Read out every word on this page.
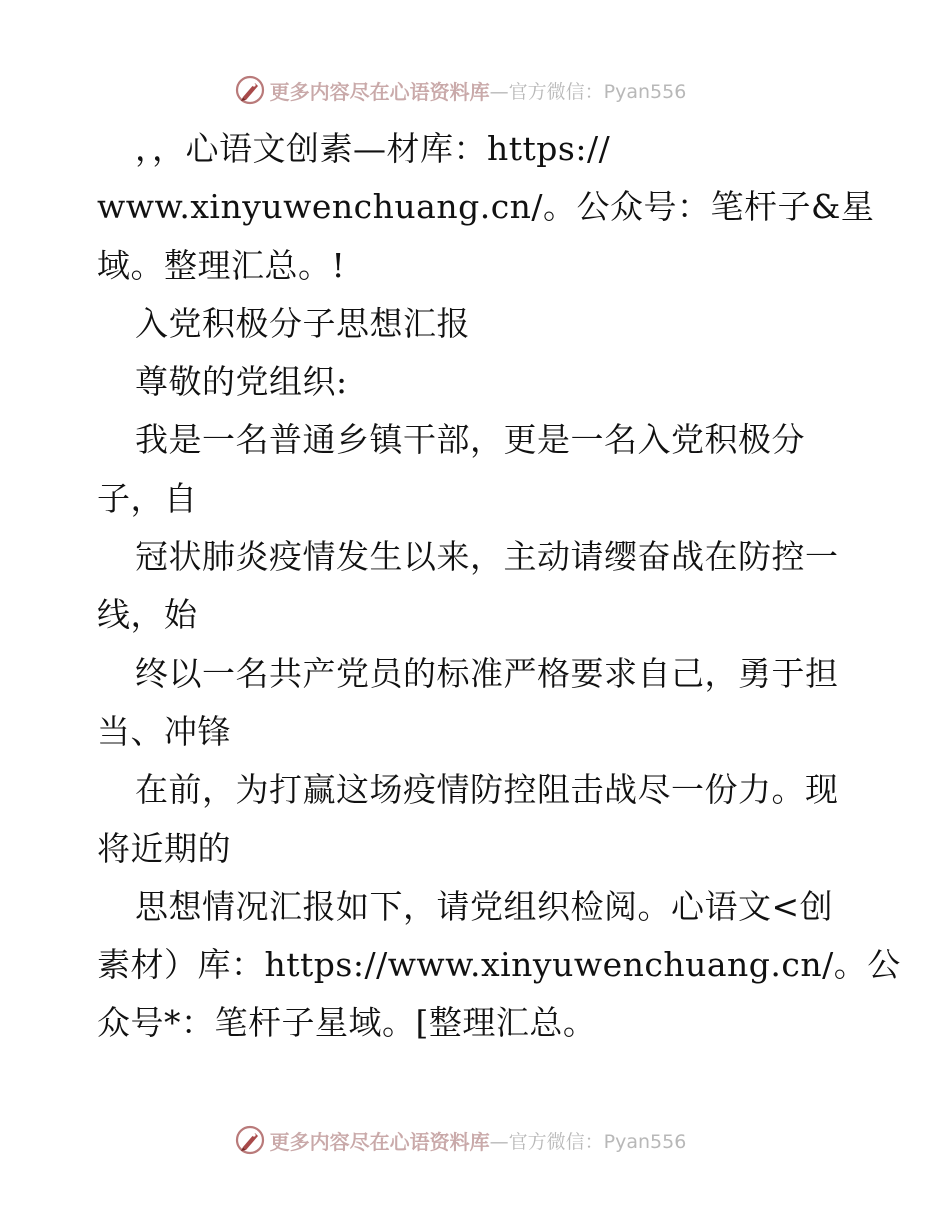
更多内容尽在心语资料库 —官方微信：Pyan556
，，心语文创素—材库：https://
www.xinyuwenchuang.cn/。公众号：笔杆子&星
域。整理汇总。!
入党积极分子思想汇报
尊敬的党组织:
我是一名普通乡镇干部，更是一名入党积极分
子，自
冠状肺炎疫情发生以来，主动请缨奋战在防控一
线，始
终以一名共产党员的标准严格要求自己，勇于担
当、冲锋
在前，为打赢这场疫情防控阻击战尽一份力。现
将近期的
思想情况汇报如下，请党组织检阅。心语文<创
素材）库：https://www.xinyuwenchuang.cn/。公
众号*：笔杆子星域。[整理汇总。
更多内容尽在心语资料库 —官方微信：Pyan556
